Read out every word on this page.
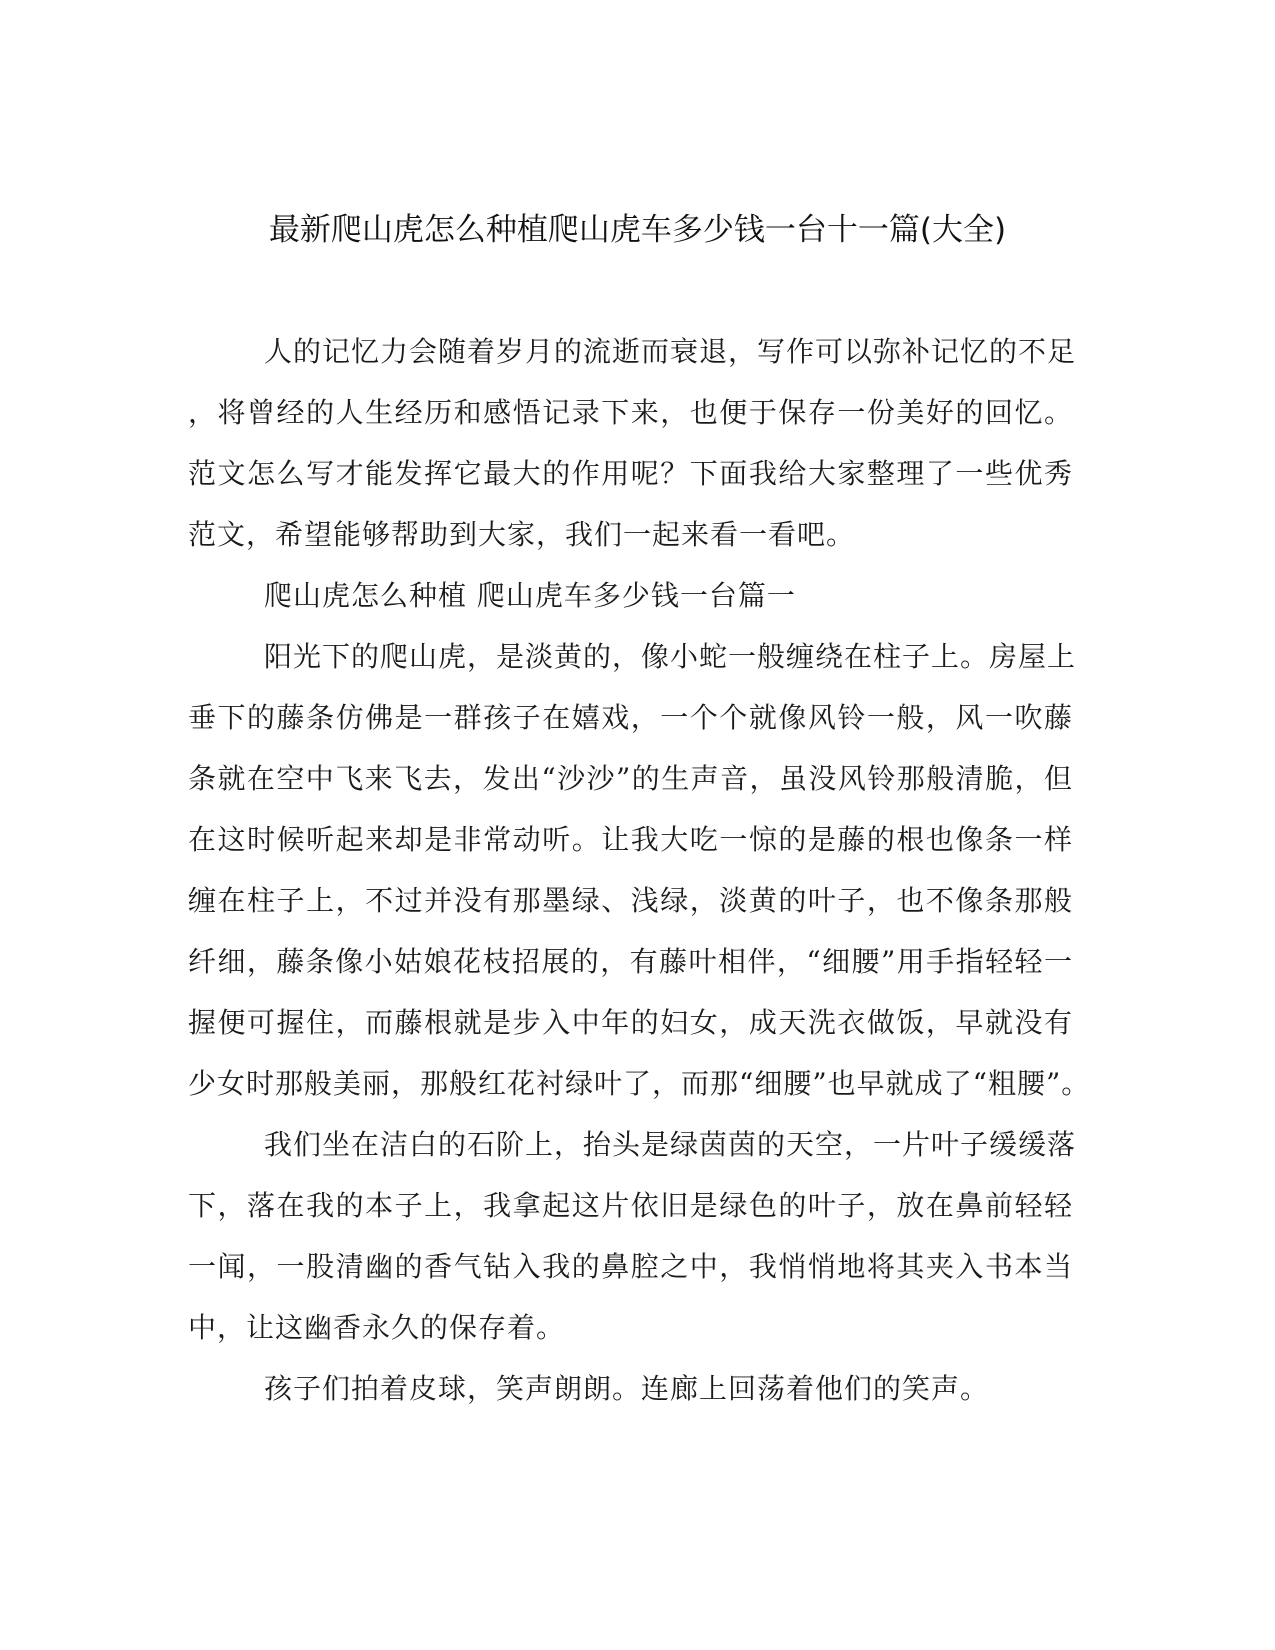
最新爬山虎怎么种植爬山虎车多少钱一台十一篇(大全)
人的记忆力会随着岁月的流逝而衰退，写作可以弥补记忆的不足
，将曾经的人生经历和感悟记录下来，也便于保存一份美好的回忆。
范文怎么写才能发挥它最大的作用呢？下面我给大家整理了一些优秀
范文，希望能够帮助到大家，我们一起来看一看吧。
爬山虎怎么种植 爬山虎车多少钱一台篇一
阳光下的爬山虎，是淡黄的，像小蛇一般缠绕在柱子上。房屋上
垂下的藤条仿佛是一群孩子在嬉戏，一个个就像风铃一般，风一吹藤
条就在空中飞来飞去，发出“沙沙”的生声音，虽没风铃那般清脆，但
在这时候听起来却是非常动听。让我大吃一惊的是藤的根也像条一样
缠在柱子上，不过并没有那墨绿、浅绿，淡黄的叶子，也不像条那般
纤细，藤条像小姑娘花枝招展的，有藤叶相伴，“细腰”用手指轻轻一
握便可握住，而藤根就是步入中年的妇女，成天洗衣做饭，早就没有
少女时那般美丽，那般红花衬绿叶了，而那“细腰”也早就成了“粗腰”。
我们坐在洁白的石阶上，抬头是绿茵茵的天空，一片叶子缓缓落
下，落在我的本子上，我拿起这片依旧是绿色的叶子，放在鼻前轻轻
一闻，一股清幽的香气钻入我的鼻腔之中，我悄悄地将其夹入书本当
中，让这幽香永久的保存着。
孩子们拍着皮球，笑声朗朗。连廊上回荡着他们的笑声。
